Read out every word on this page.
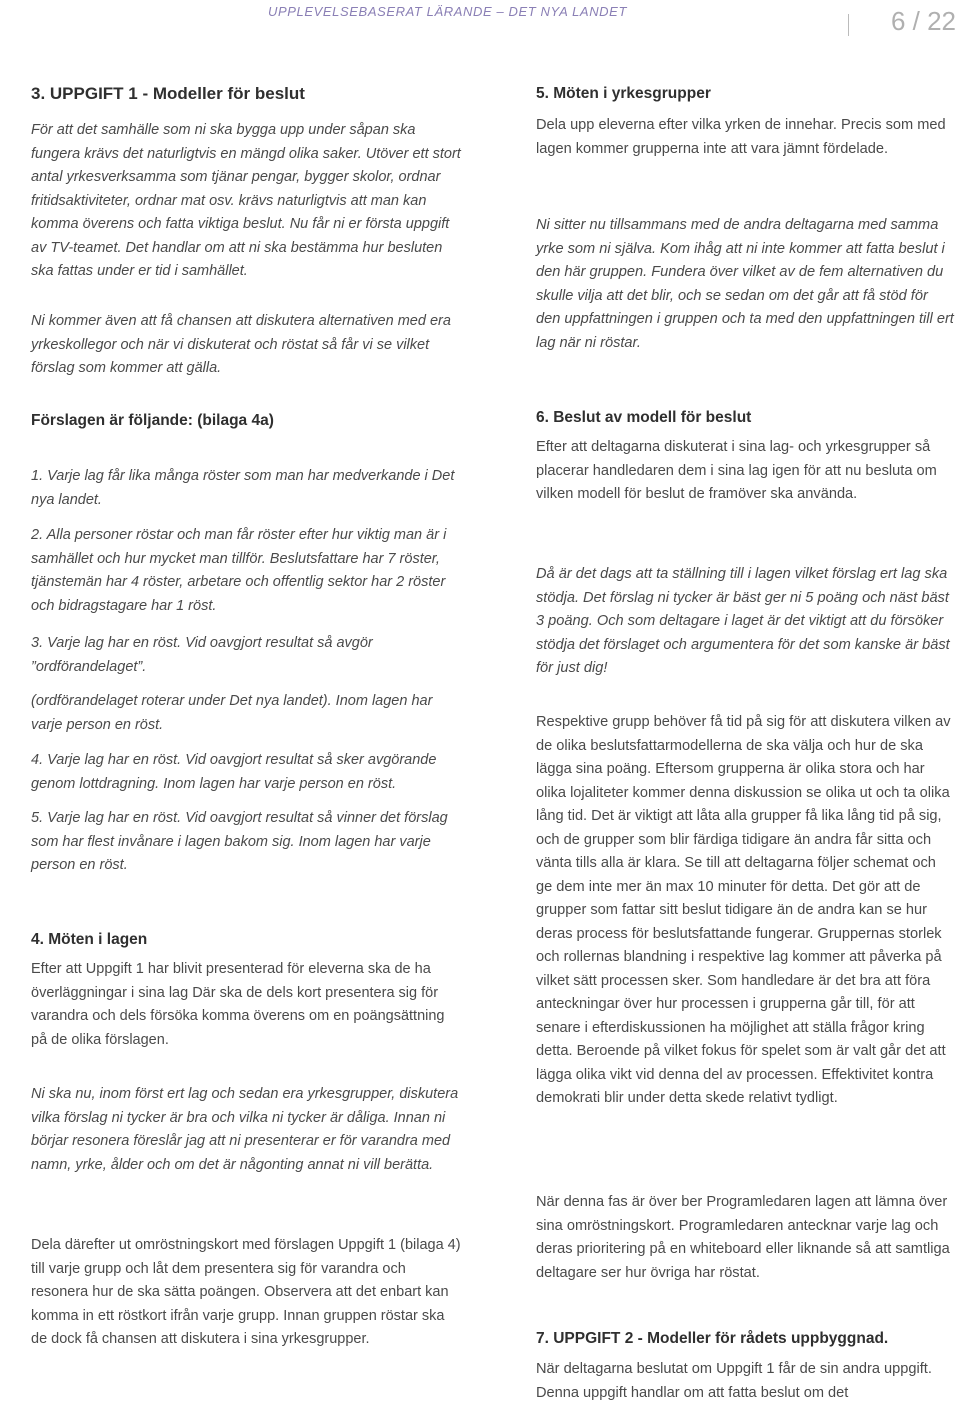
UPPLEVELSEBASERAT LÄRANDE – DET NYA LANDET	6 / 22
3. UPPGIFT 1 - Modeller för beslut

För att det samhälle som ni ska bygga upp under såpan ska fungera krävs det naturligtvis en mängd olika saker. Utöver ett stort antal yrkesverksamma som tjänar pengar, bygger skolor, ordnar fritidsaktiviteter, ordnar mat osv. krävs naturligtvis att man kan komma överens och fatta viktiga beslut. Nu får ni er första uppgift av TV-teamet. Det handlar om att ni ska bestämma hur besluten ska fattas under er tid i samhället.

Ni kommer även att få chansen att diskutera alternativen med era yrkeskollegor och när vi diskuterat och röstat så får vi se vilket förslag som kommer att gälla.

Förslagen är följande: (bilaga 4a)

1. Varje lag får lika många röster som man har medverkande i Det nya landet.

2. Alla personer röstar och man får röster efter hur viktig man är i samhället och hur mycket man tillför. Beslutsfattare har 7 röster, tjänstemän har 4 röster, arbetare och offentlig sektor har 2 röster och bidragstagare har 1 röst.

3. Varje lag har en röst. Vid oavgjort resultat så avgör ”ordförandelaget”.

(ordförandelaget roterar under Det nya landet). Inom lagen har varje person en röst.

4. Varje lag har en röst. Vid oavgjort resultat så sker avgörande genom lottdragning. Inom lagen har varje person en röst.

5. Varje lag har en röst. Vid oavgjort resultat så vinner det förslag som har flest invånare i lagen bakom sig. Inom lagen har varje person en röst.

4. Möten i lagen

Efter att Uppgift 1 har blivit presenterad för eleverna ska de ha överläggningar i sina lag Där ska de dels kort presentera sig för varandra och dels försöka komma överens om en poängsättning på de olika förslagen.

Ni ska nu, inom först ert lag och sedan era yrkesgrupper, diskutera vilka förslag ni tycker är bra och vilka ni tycker är dåliga. Innan ni börjar resonera föreslår jag att ni presenterar er för varandra med namn, yrke, ålder och om det är någonting annat ni vill berätta.

Dela därefter ut omröstningskort med förslagen Uppgift 1 (bilaga 4) till varje grupp och låt dem presentera sig för varandra och resonera hur de ska sätta poängen. Observera att det enbart kan komma in ett röstkort ifrån varje grupp. Innan gruppen röstar ska de dock få chansen att diskutera i sina yrkesgrupper.

5. Möten i yrkesgrupper

Dela upp eleverna efter vilka yrken de innehar. Precis som med lagen kommer grupperna inte att vara jämnt fördelade.

Ni sitter nu tillsammans med de andra deltagarna med samma yrke som ni själva. Kom ihåg att ni inte kommer att fatta beslut i den här gruppen. Fundera över vilket av de fem alternativen du skulle vilja att det blir, och se sedan om det går att få stöd för den uppfattningen i gruppen och ta med den uppfattningen till ert lag när ni röstar.

6. Beslut av modell för beslut

Efter att deltagarna diskuterat i sina lag- och yrkesgrupper så placerar handledaren dem i sina lag igen för att nu besluta om vilken modell för beslut de framöver ska använda.

Då är det dags att ta ställning till i lagen vilket förslag ert lag ska stödja. Det förslag ni tycker är bäst ger ni 5 poäng och näst bäst 3 poäng. Och som deltagare i laget är det viktigt att du försöker stödja det förslaget och argumentera för det som kanske är bäst för just dig!

Respektive grupp behöver få tid på sig för att diskutera vilken av de olika beslutsfattarmodellerna de ska välja och hur de ska lägga sina poäng. Eftersom grupperna är olika stora och har olika lojaliteter kommer denna diskussion se olika ut och ta olika lång tid. Det är viktigt att låta alla grupper få lika lång tid på sig, och de grupper som blir färdiga tidigare än andra får sitta och vänta tills alla är klara. Se till att deltagarna följer schemat och ge dem inte mer än max 10 minuter för detta. Det gör att de grupper som fattar sitt beslut tidigare än de andra kan se hur deras process för beslutsfattande fungerar. Gruppernas storlek och rollernas blandning i respektive lag kommer att påverka på vilket sätt processen sker. Som handledare är det bra att föra anteckningar över hur processen i grupperna går till, för att senare i efterdiskussionen ha möjlighet att ställa frågor kring detta. Beroende på vilket fokus för spelet som är valt går det att lägga olika vikt vid denna del av processen. Effektivitet kontra demokrati blir under detta skede relativt tydligt.

När denna fas är över ber Programledaren lagen att lämna över sina omröstningskort. Programledaren antecknar varje lag och deras prioritering på en whiteboard eller liknande så att samtliga deltagare ser hur övriga har röstat.

7. UPPGIFT 2 - Modeller för rådets uppbyggnad.

När deltagarna beslutat om Uppgift 1 får de sin andra uppgift. Denna uppgift handlar om att fatta beslut om det
